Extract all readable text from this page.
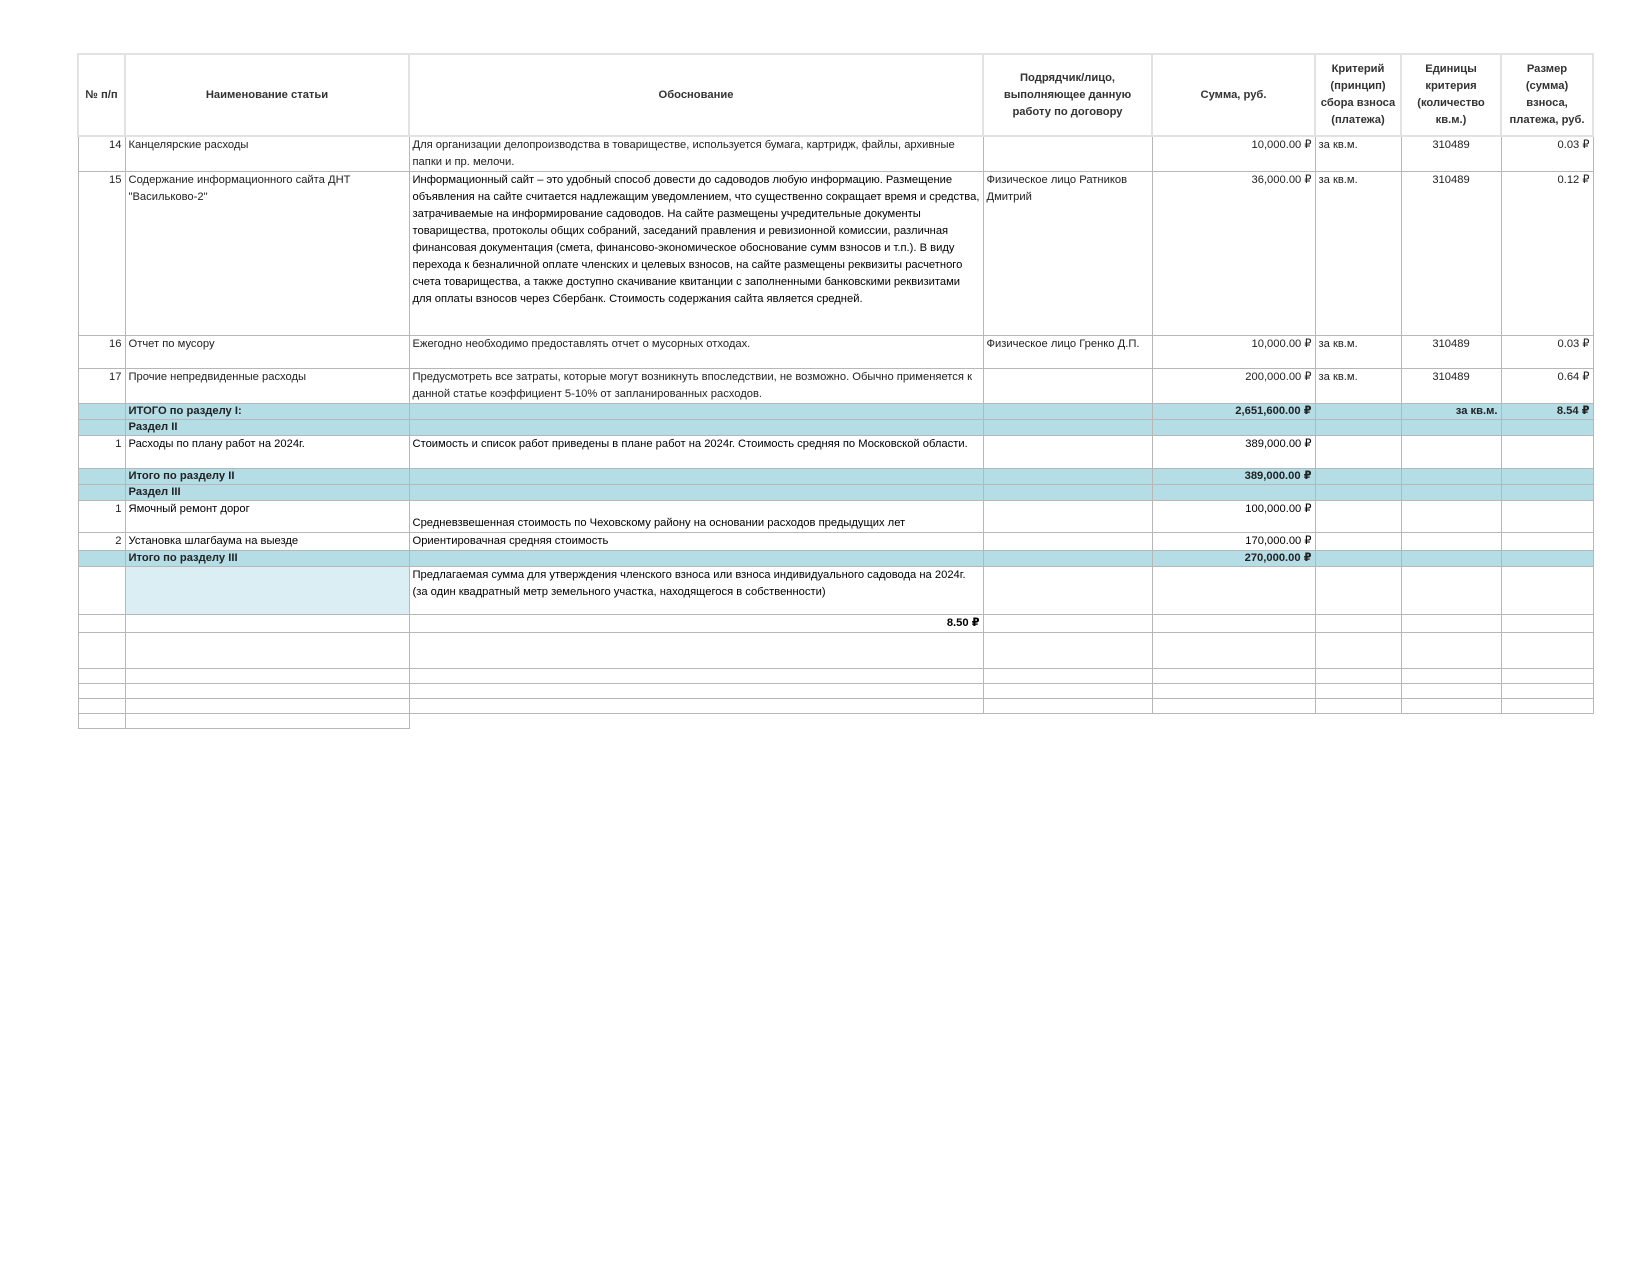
№ п/п	Наименование статьи	Обоснование	Подрядчик/лицо, выполняющее данную работу по договору	Сумма, руб.	Критерий (принцип) сбора взноса (платежа)	Единицы критерия (количество кв.м.)	Размер (сумма) взноса, платежа, руб.
14	Канцелярские расходы	Для организации делопроизводства в товариществе, используется бумага, картридж, файлы, архивные папки и пр. мелочи.		10,000.00 ₽	за кв.м.	310489	0.03 ₽
15	Содержание информационного сайта ДНТ "Васильково-2"	Информационный сайт – это удобный способ довести до садоводов любую информацию. Размещение объявления на сайте считается надлежащим уведомлением, что существенно сокращает время и средства, затрачиваемые на информирование садоводов. На сайте размещены учредительные документы товарищества, протоколы общих собраний, заседаний правления и ревизионной комиссии, различная финансовая документация (смета, финансово-экономическое обоснование сумм взносов и т.п.). В виду перехода к безналичной оплате членских и целевых взносов, на сайте размещены реквизиты расчетного счета товарищества, а также доступно скачивание квитанции с заполненными банковскими реквизитами для оплаты взносов через Сбербанк. Стоимость содержания сайта является средней.	Физическое лицо Ратников Дмитрий	36,000.00 ₽	за кв.м.	310489	0.12 ₽
16	Отчет по мусору	Ежегодно необходимо предоставлять отчет о мусорных отходах.	Физическое лицо Гренко Д.П.	10,000.00 ₽	за кв.м.	310489	0.03 ₽
17	Прочие непредвиденные расходы	Предусмотреть все затраты, которые могут возникнуть впоследствии, не возможно. Обычно применяется к данной статье коэффициент 5-10% от запланированных расходов.		200,000.00 ₽	за кв.м.	310489	0.64 ₽
	ИТОГО по разделу I:			2,651,600.00 ₽		за кв.м.	8.54 ₽
	Раздел II						
1	Расходы по плану работ на 2024г.	Стоимость и список работ приведены в плане работ на 2024г. Стоимость средняя по Московской области.		389,000.00 ₽			
	Итого по разделу II			389,000.00 ₽			
	Раздел III						
1	Ямочный ремонт дорог	Средневзвешенная стоимость по Чеховскому району на основании расходов предыдущих лет		100,000.00 ₽			
2	Установка шлагбаума на выезде	Ориентировачная средняя стоимость		170,000.00 ₽			
	Итого по разделу III			270,000.00 ₽			
		Предлагаемая сумма для утверждения членского взноса или взноса индивидуального садовода на 2024г. (за один квадратный метр земельного участка, находящегося в собственности)					
		8.50 ₽					
